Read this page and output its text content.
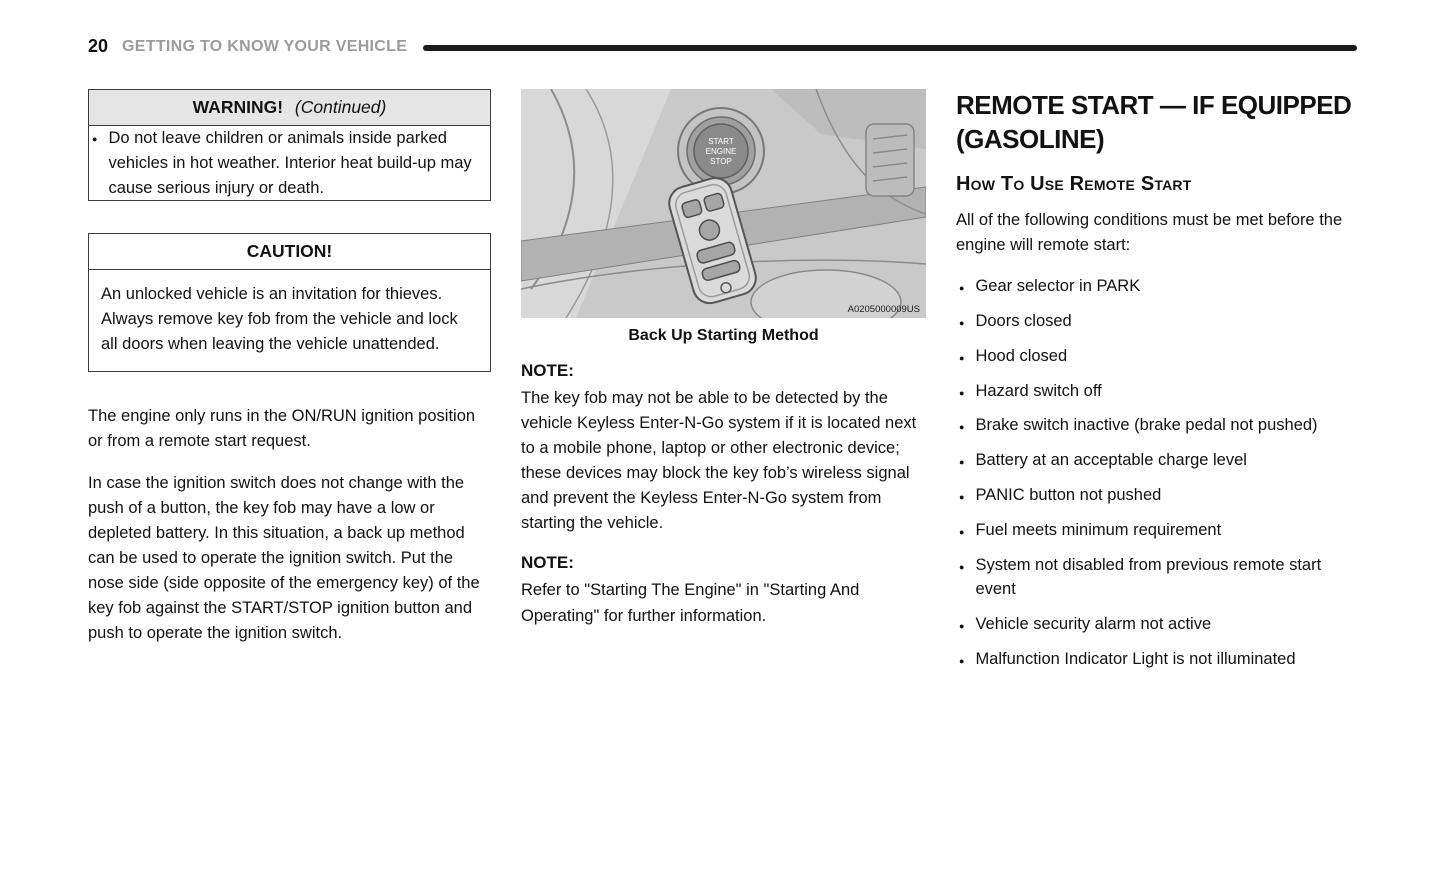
20 GETTING TO KNOW YOUR VEHICLE
WARNING! (Continued)
● Do not leave children or animals inside parked vehicles in hot weather. Interior heat build-up may cause serious injury or death.
CAUTION!

An unlocked vehicle is an invitation for thieves. Always remove key fob from the vehicle and lock all doors when leaving the vehicle unattended.

The engine only runs in the ON/RUN ignition position or from a remote start request.

In case the ignition switch does not change with the push of a button, the key fob may have a low or depleted battery. In this situation, a back up method can be used to operate the ignition switch. Put the nose side (side opposite of the emergency key) of the key fob against the START/STOP ignition button and push to operate the ignition switch.

START
ENGINE
STOP
A0205000009US
Back Up Starting Method
NOTE:

The key fob may not be able to be detected by the vehicle Keyless Enter-N-Go system if it is located next to a mobile phone, laptop or other electronic device; these devices may block the key fob’s wireless signal and prevent the Keyless Enter-N-Go system from starting the vehicle.

NOTE:

Refer to "Starting The Engine" in "Starting And Operating" for further information.

REMOTE START — IF EQUIPPED
(GASOLINE)
How To Use Remote Start

All of the following conditions must be met before the engine will remote start:

● Gear selector in PARK
● Doors closed
● Hood closed
● Hazard switch off
● Brake switch inactive (brake pedal not pushed)
● Battery at an acceptable charge level
● PANIC button not pushed
● Fuel meets minimum requirement
● System not disabled from previous remote start event
● Vehicle security alarm not active
● Malfunction Indicator Light is not illuminated
